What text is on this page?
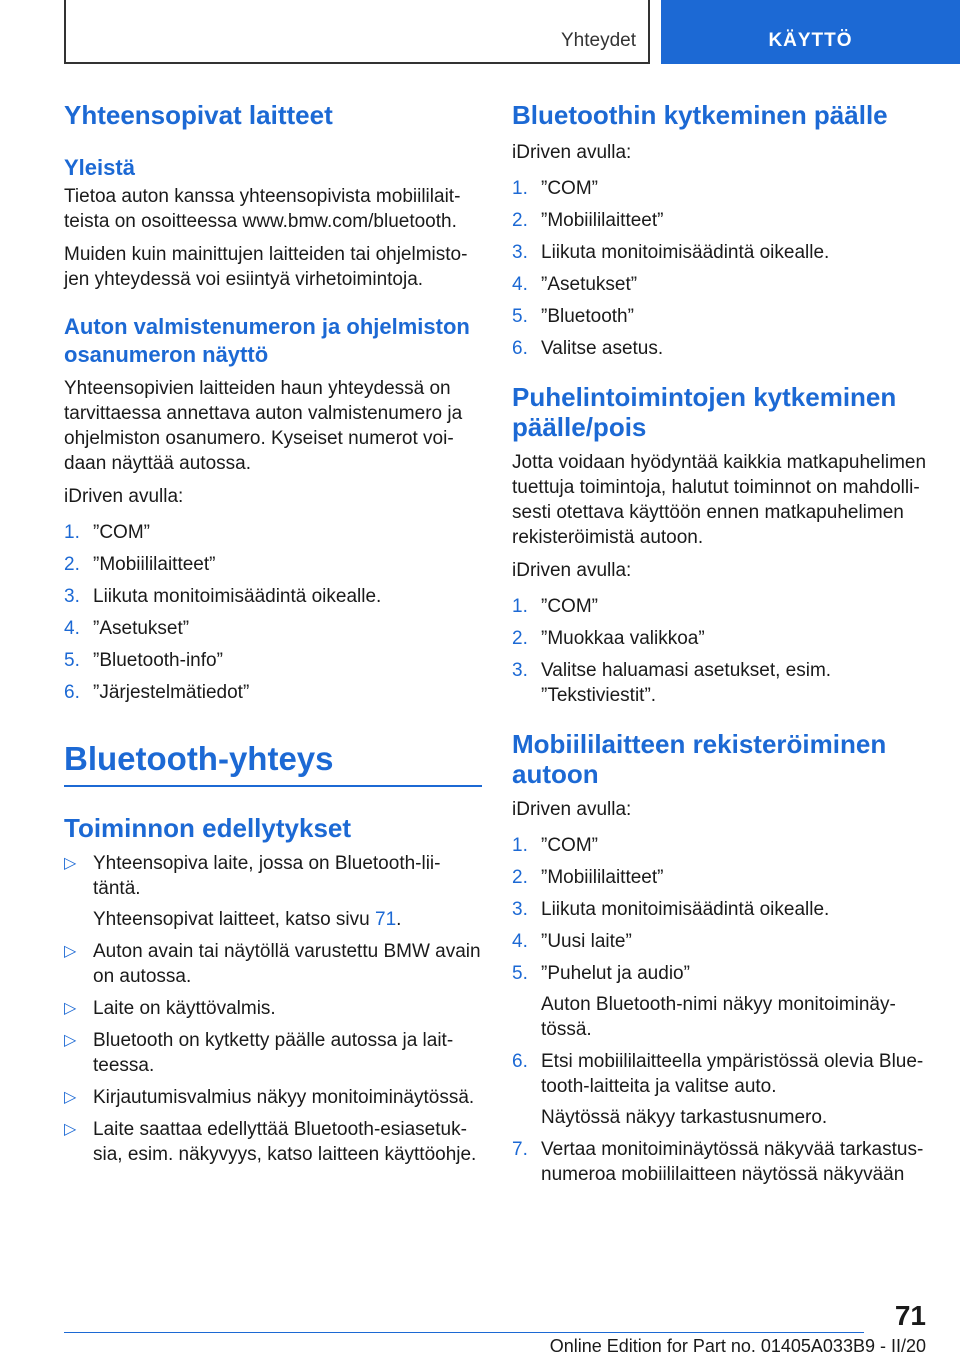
Yhteydet	KÄYTTÖ
Yhteensopivat laitteet
Yleistä
Tietoa auton kanssa yhteensopivista mobiililait-teista on osoitteessa www.bmw.com/bluetooth.
Muiden kuin mainittujen laitteiden tai ohjelmisto-jen yhteydessä voi esiintyä virhetoimintoja.
Auton valmistenumeron ja ohjelmiston osanumeron näyttö
Yhteensopivien laitteiden haun yhteydessä on tarvittaessa annettava auton valmistenumero ja ohjelmiston osanumero. Kyseiset numerot voi-daan näyttää autossa.
iDriven avulla:
1. ”COM”
2. ”Mobiililaitteet”
3. Liikuta monitoimisäädintä oikealle.
4. ”Asetukset”
5. ”Bluetooth-info”
6. ”Järjestelmätiedot”
Bluetooth-yhteys
Toiminnon edellytykset
▷ Yhteensopiva laite, jossa on Bluetooth-lii-täntä.
Yhteensopivat laitteet, katso sivu 71.
▷ Auton avain tai näytöllä varustettu BMW avain on autossa.
▷ Laite on käyttövalmis.
▷ Bluetooth on kytketty päälle autossa ja lait-teessa.
▷ Kirjautumisvalmius näkyy monitoiminäytössä.
▷ Laite saattaa edellyttää Bluetooth-esiasetuk-sia, esim. näkyvyys, katso laitteen käyttöohje.
Bluetoothin kytkeminen päälle
iDriven avulla:
1. ”COM”
2. ”Mobiililaitteet”
3. Liikuta monitoimisäädintä oikealle.
4. ”Asetukset”
5. ”Bluetooth”
6. Valitse asetus.
Puhelintoimintojen kytkeminen päälle/pois
Jotta voidaan hyödyntää kaikkia matkapuhelimen tuettuja toimintoja, halutut toiminnot on mahdolli-sesti otettava käyttöön ennen matkapuhelimen rekisteröimistä autoon.
iDriven avulla:
1. ”COM”
2. ”Muokkaa valikkoa”
3. Valitse haluamasi asetukset, esim. ”Tekstiviestit”.
Mobiililaitteen rekisteröiminen autoon
iDriven avulla:
1. ”COM”
2. ”Mobiililaitteet”
3. Liikuta monitoimisäädintä oikealle.
4. ”Uusi laite”
5. ”Puhelut ja audio”
Auton Bluetooth-nimi näkyy monitoiminäy-tössä.
6. Etsi mobiililaitteella ympäristössä olevia Blue-tooth-laitteita ja valitse auto.
Näytössä näkyy tarkastusnumero.
7. Vertaa monitoiminäytössä näkyvää tarkastus-numeroa mobiililaitteen näytössä näkyvään
71
Online Edition for Part no. 01405A033B9 - II/20
